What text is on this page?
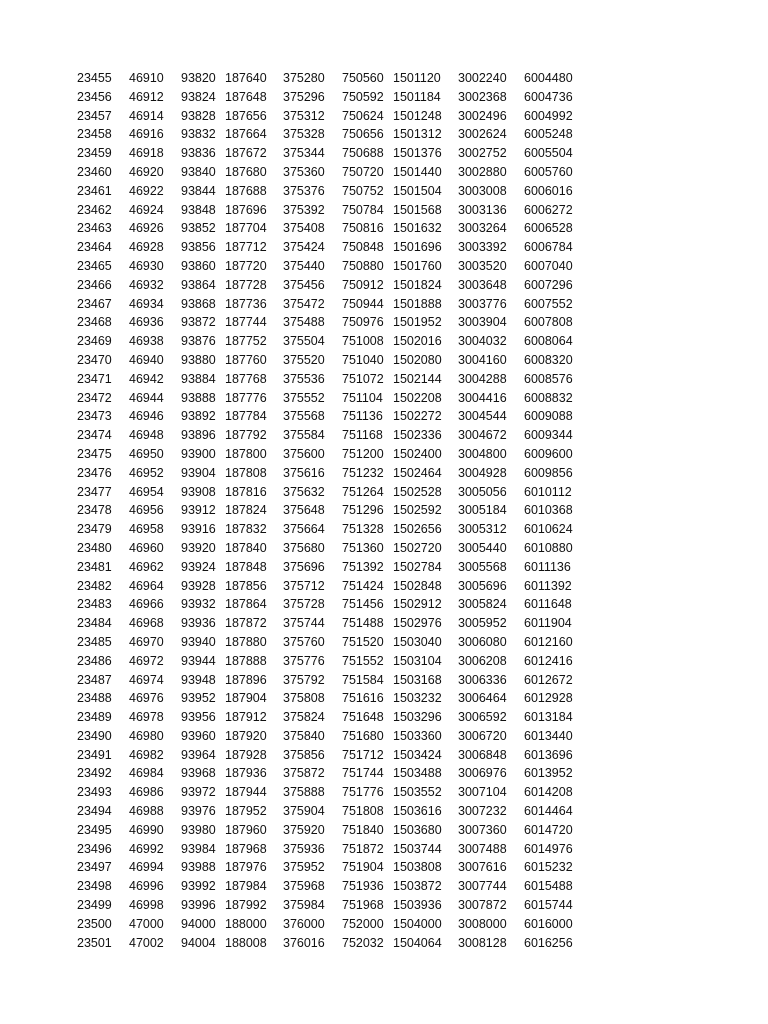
23455	46910	93820	187640	375280	750560	1501120	3002240	6004480
23456	46912	93824	187648	375296	750592	1501184	3002368	6004736
23457	46914	93828	187656	375312	750624	1501248	3002496	6004992
23458	46916	93832	187664	375328	750656	1501312	3002624	6005248
23459	46918	93836	187672	375344	750688	1501376	3002752	6005504
23460	46920	93840	187680	375360	750720	1501440	3002880	6005760
23461	46922	93844	187688	375376	750752	1501504	3003008	6006016
23462	46924	93848	187696	375392	750784	1501568	3003136	6006272
23463	46926	93852	187704	375408	750816	1501632	3003264	6006528
23464	46928	93856	187712	375424	750848	1501696	3003392	6006784
23465	46930	93860	187720	375440	750880	1501760	3003520	6007040
23466	46932	93864	187728	375456	750912	1501824	3003648	6007296
23467	46934	93868	187736	375472	750944	1501888	3003776	6007552
23468	46936	93872	187744	375488	750976	1501952	3003904	6007808
23469	46938	93876	187752	375504	751008	1502016	3004032	6008064
23470	46940	93880	187760	375520	751040	1502080	3004160	6008320
23471	46942	93884	187768	375536	751072	1502144	3004288	6008576
23472	46944	93888	187776	375552	751104	1502208	3004416	6008832
23473	46946	93892	187784	375568	751136	1502272	3004544	6009088
23474	46948	93896	187792	375584	751168	1502336	3004672	6009344
23475	46950	93900	187800	375600	751200	1502400	3004800	6009600
23476	46952	93904	187808	375616	751232	1502464	3004928	6009856
23477	46954	93908	187816	375632	751264	1502528	3005056	6010112
23478	46956	93912	187824	375648	751296	1502592	3005184	6010368
23479	46958	93916	187832	375664	751328	1502656	3005312	6010624
23480	46960	93920	187840	375680	751360	1502720	3005440	6010880
23481	46962	93924	187848	375696	751392	1502784	3005568	6011136
23482	46964	93928	187856	375712	751424	1502848	3005696	6011392
23483	46966	93932	187864	375728	751456	1502912	3005824	6011648
23484	46968	93936	187872	375744	751488	1502976	3005952	6011904
23485	46970	93940	187880	375760	751520	1503040	3006080	6012160
23486	46972	93944	187888	375776	751552	1503104	3006208	6012416
23487	46974	93948	187896	375792	751584	1503168	3006336	6012672
23488	46976	93952	187904	375808	751616	1503232	3006464	6012928
23489	46978	93956	187912	375824	751648	1503296	3006592	6013184
23490	46980	93960	187920	375840	751680	1503360	3006720	6013440
23491	46982	93964	187928	375856	751712	1503424	3006848	6013696
23492	46984	93968	187936	375872	751744	1503488	3006976	6013952
23493	46986	93972	187944	375888	751776	1503552	3007104	6014208
23494	46988	93976	187952	375904	751808	1503616	3007232	6014464
23495	46990	93980	187960	375920	751840	1503680	3007360	6014720
23496	46992	93984	187968	375936	751872	1503744	3007488	6014976
23497	46994	93988	187976	375952	751904	1503808	3007616	6015232
23498	46996	93992	187984	375968	751936	1503872	3007744	6015488
23499	46998	93996	187992	375984	751968	1503936	3007872	6015744
23500	47000	94000	188000	376000	752000	1504000	3008000	6016000
23501	47002	94004	188008	376016	752032	1504064	3008128	6016256
